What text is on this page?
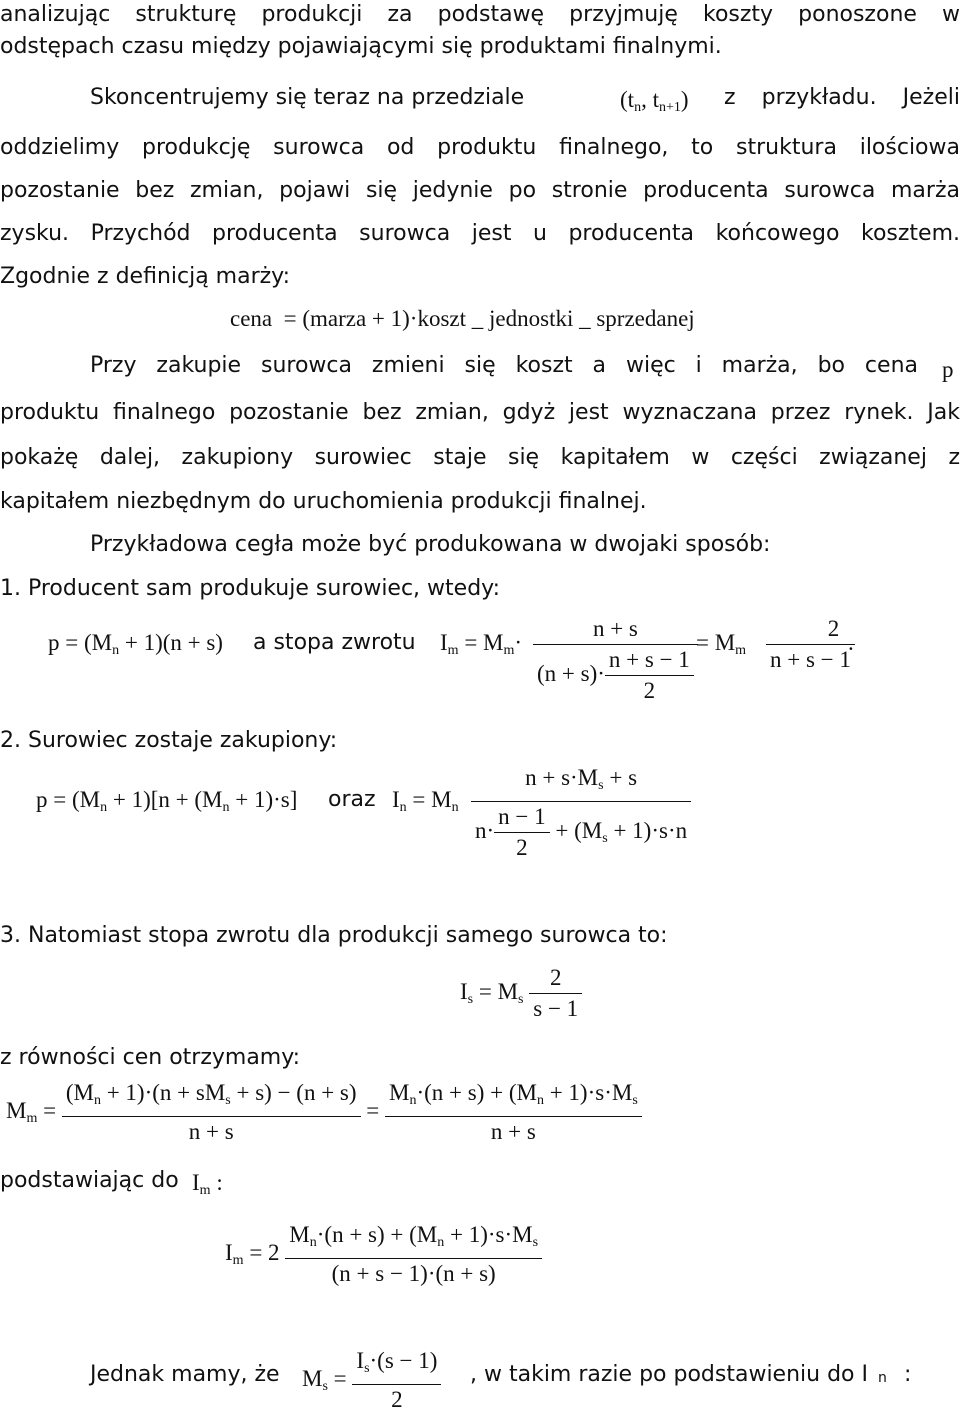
analizując strukturę produkcji za podstawę przyjmuję koszty ponoszone w
odstępach czasu między pojawiającymi się produktami finalnymi.
Skoncentrujemy się teraz na przedziale	($t_n$, $t_{n+1}$) z przykładu. Jeżeli
oddzielimy produkcję surowca od produktu finalnego, to struktura ilościowa
pozostanie bez zmian, pojawi się jedynie po stronie producenta surowca marża
zysku. Przychód producenta surowca jest u producenta końcowego kosztem.
Zgodnie z definicją marży:
cena  = (marza + 1)·koszt _ jednostki _ sprzedanej
Przy zakupie surowca zmieni się koszt a więc i marża, bo cena p
produktu finalnego pozostanie bez zmian, gdyż jest wyznaczana przez rynek. Jak
pokażę dalej, zakupiony surowiec staje się kapitałem w części związanej z
kapitałem niezbędnym do uruchomienia produkcji finalnej.
Przykładowa cegła może być produkowana w dwojaki sposób:
1. Producent sam produkuje surowiec, wtedy:
$p = (M_n + 1)(n + s)$ a stopa zwrotu $I_m = M_m\cdot \frac{n + s}{(n + s)\cdot \frac{n + s - 1}{2}}$
= $M_m \frac{2}{n + s - 1}$
.
2. Surowiec zostaje zakupiony:
$p = (M_n + 1)[n + (M_n + 1)\cdot s]$ oraz $I_n = M_n \frac{n + s\cdot M_s + s}{n\cdot \frac{n - 1}{2} + (M_s + 1)\cdot s\cdot n}$
3. Natomiast stopa zwrotu dla produkcji samego surowca to:
$I_s = M_s \frac{2}{s - 1}$
z równości cen otrzymamy:
$M_m = \frac{(M_n + 1)\cdot(n + sM_s + s) - (n + s)}{n + s} = \frac{M_n\cdot(n + s) + (M_n + 1)\cdot s\cdot M_s}{n + s}$
podstawiając do $I_m$ :
$I_m = 2 \frac{M_n\cdot(n + s) + (M_n + 1)\cdot s\cdot M_s}{(n + s - 1)\cdot(n + s)}$
Jednak mamy, że $M_s = \frac{I_s\cdot(s - 1)}{2}$ , w takim razie po podstawieniu do I n :
